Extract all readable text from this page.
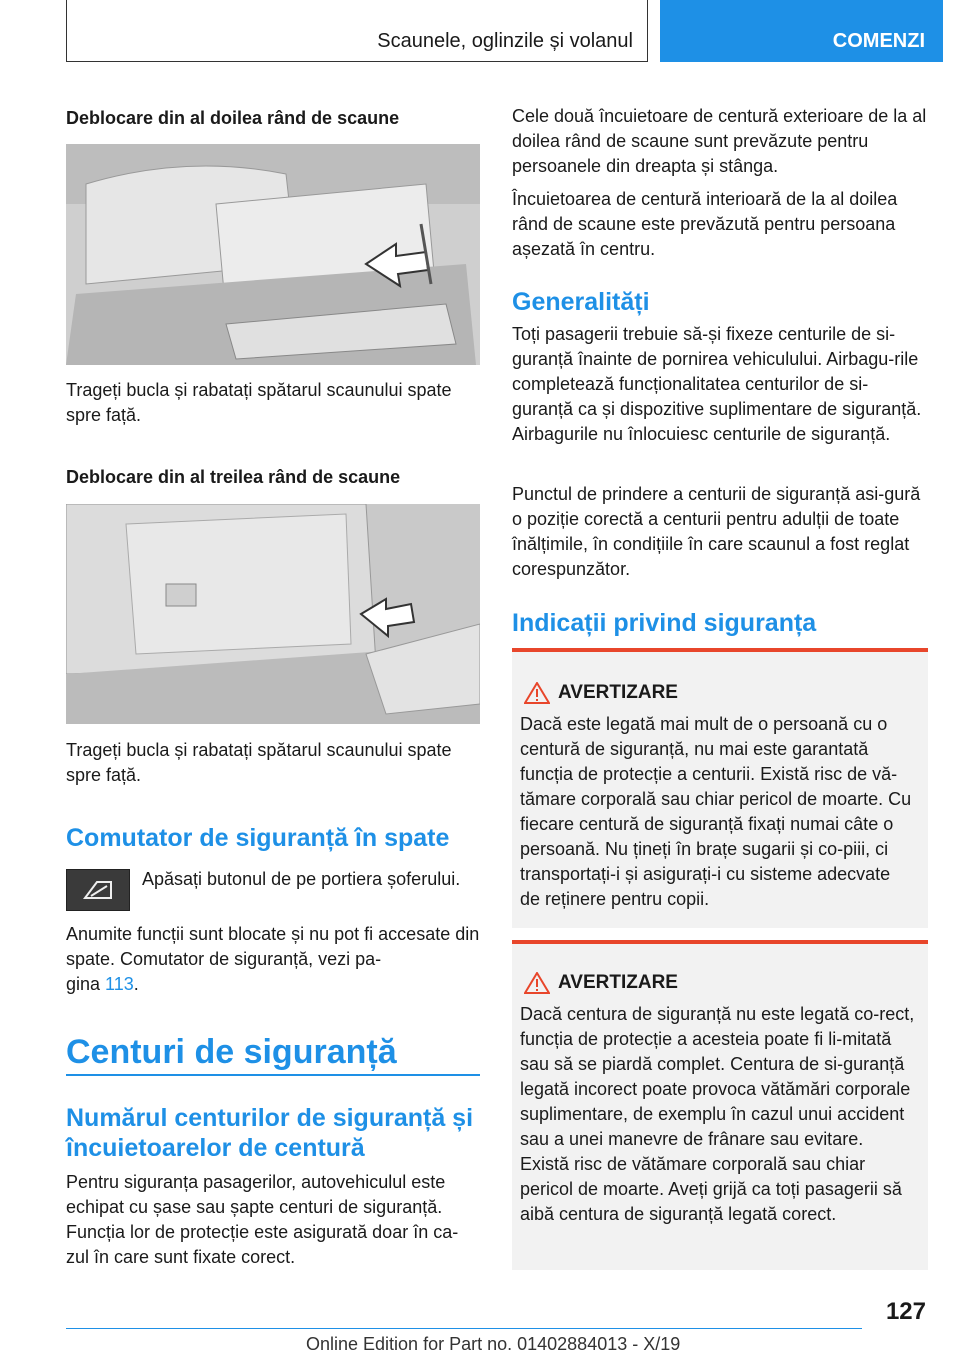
Scaunele, oglinzile și volanul	COMENZI
Deblocare din al doilea rând de scaune
Trageți bucla și rabatați spătarul scaunului spate spre față.
Deblocare din al treilea rând de scaune
Trageți bucla și rabatați spătarul scaunului spate spre față.
Comutator de siguranță în spate
Apăsați butonul de pe portiera șoferului.
Anumite funcții sunt blocate și nu pot fi accesate din spate. Comutator de siguranță, vezi pa-
gina 113.
Centuri de siguranță
Numărul centurilor de siguranță și încuietoarelor de centură
Pentru siguranța pasagerilor, autovehiculul este echipat cu șase sau șapte centuri de siguranță. Funcția lor de protecție este asigurată doar în ca-zul în care sunt fixate corect.
Cele două încuietoare de centură exterioare de la al doilea rând de scaune sunt prevăzute pentru persoanele din dreapta și stânga.
Încuietoarea de centură interioară de la al doilea rând de scaune este prevăzută pentru persoana așezată în centru.
Generalități
Toți pasagerii trebuie să-și fixeze centurile de si-guranță înainte de pornirea vehiculului. Airbagu-rile completează funcționalitatea centurilor de si-guranță ca și dispozitive suplimentare de siguranță. Airbagurile nu înlocuiesc centurile de siguranță.
Punctul de prindere a centurii de siguranță asi-gură o poziție corectă a centurii pentru adulții de toate înălțimile, în condițiile în care scaunul a fost reglat corespunzător.
Indicații privind siguranța
AVERTIZARE
Dacă este legată mai mult de o persoană cu o centură de siguranță, nu mai este garantată funcția de protecție a centurii. Există risc de vă-tămare corporală sau chiar pericol de moarte. Cu fiecare centură de siguranță fixați numai câte o persoană. Nu țineți în brațe sugarii și co-piii, ci transportați-i și asigurați-i cu sisteme adecvate de reținere pentru copii.
AVERTIZARE
Dacă centura de siguranță nu este legată co-rect, funcția de protecție a acesteia poate fi li-mitată sau să se piardă complet. Centura de si-guranță legată incorect poate provoca vătămări corporale suplimentare, de exemplu în cazul unui accident sau a unei manevre de frânare sau evitare. Există risc de vătămare corporală sau chiar pericol de moarte. Aveți grijă ca toți pasagerii să aibă centura de siguranță legată corect.
127
Online Edition for Part no. 01402884013 - X/19
